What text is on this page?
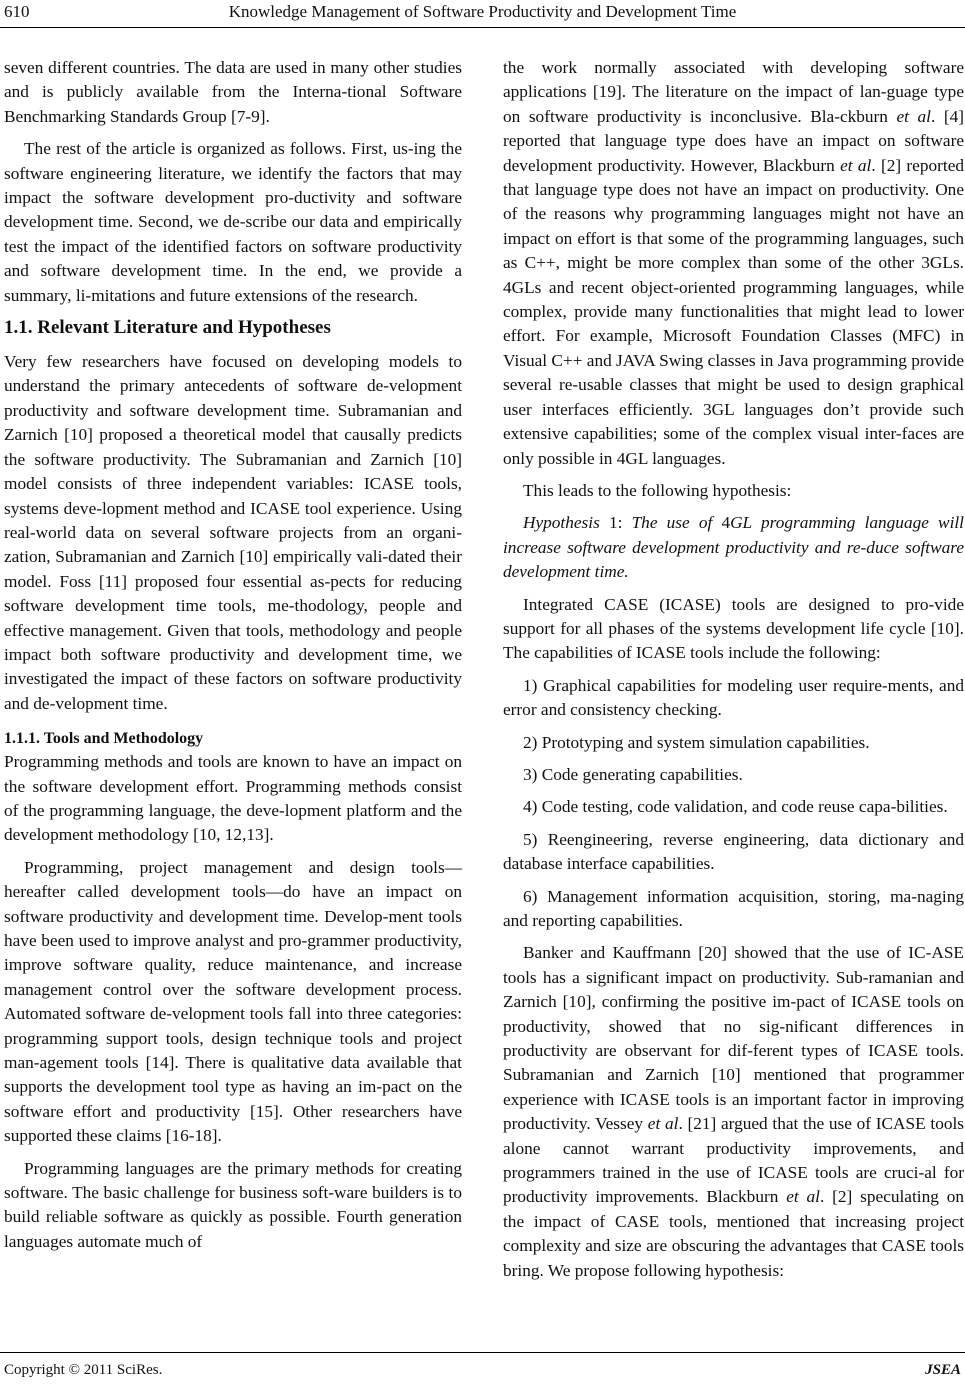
610	Knowledge Management of Software Productivity and Development Time

seven different countries. The data are used in many other studies and is publicly available from the Interna-tional Software Benchmarking Standards Group [7-9].

The rest of the article is organized as follows. First, us-ing the software engineering literature, we identify the factors that may impact the software development pro-ductivity and software development time. Second, we de-scribe our data and empirically test the impact of the identified factors on software productivity and software development time. In the end, we provide a summary, li-mitations and future extensions of the research.

1.1. Relevant Literature and Hypotheses

Very few researchers have focused on developing models to understand the primary antecedents of software de-velopment productivity and software development time. Subramanian and Zarnich [10] proposed a theoretical model that causally predicts the software productivity. The Subramanian and Zarnich [10] model consists of three independent variables: ICASE tools, systems deve-lopment method and ICASE tool experience. Using real-world data on several software projects from an organi-zation, Subramanian and Zarnich [10] empirically vali-dated their model. Foss [11] proposed four essential as-pects for reducing software development time tools, me-thodology, people and effective management. Given that tools, methodology and people impact both software productivity and development time, we investigated the impact of these factors on software productivity and de-velopment time.

1.1.1. Tools and Methodology

Programming methods and tools are known to have an impact on the software development effort. Programming methods consist of the programming language, the deve-lopment platform and the development methodology [10, 12,13].

Programming, project management and design tools—hereafter called development tools—do have an impact on software productivity and development time. Develop-ment tools have been used to improve analyst and pro-grammer productivity, improve software quality, reduce maintenance, and increase management control over the software development process. Automated software de-velopment tools fall into three categories: programming support tools, design technique tools and project man-agement tools [14]. There is qualitative data available that supports the development tool type as having an im-pact on the software effort and productivity [15]. Other researchers have supported these claims [16-18].

Programming languages are the primary methods for creating software. The basic challenge for business soft-ware builders is to build reliable software as quickly as possible. Fourth generation languages automate much of

the work normally associated with developing software applications [19]. The literature on the impact of lan-guage type on software productivity is inconclusive. Bla-ckburn et al. [4] reported that language type does have an impact on software development productivity. However, Blackburn et al. [2] reported that language type does not have an impact on productivity. One of the reasons why programming languages might not have an impact on effort is that some of the programming languages, such as C++, might be more complex than some of the other 3GLs. 4GLs and recent object-oriented programming languages, while complex, provide many functionalities that might lead to lower effort. For example, Microsoft Foundation Classes (MFC) in Visual C++ and JAVA Swing classes in Java programming provide several re-usable classes that might be used to design graphical user interfaces efficiently. 3GL languages don’t provide such extensive capabilities; some of the complex visual inter-faces are only possible in 4GL languages.

This leads to the following hypothesis:

Hypothesis 1: The use of 4GL programming language will increase software development productivity and re-duce software development time.

Integrated CASE (ICASE) tools are designed to pro-vide support for all phases of the systems development life cycle [10]. The capabilities of ICASE tools include the following:

1) Graphical capabilities for modeling user require-ments, and error and consistency checking.

2) Prototyping and system simulation capabilities.

3) Code generating capabilities.

4) Code testing, code validation, and code reuse capa-bilities.

5) Reengineering, reverse engineering, data dictionary and database interface capabilities.

6) Management information acquisition, storing, ma-naging and reporting capabilities.

Banker and Kauffmann [20] showed that the use of IC-ASE tools has a significant impact on productivity. Sub-ramanian and Zarnich [10], confirming the positive im-pact of ICASE tools on productivity, showed that no sig-nificant differences in productivity are observant for dif-ferent types of ICASE tools. Subramanian and Zarnich [10] mentioned that programmer experience with ICASE tools is an important factor in improving productivity. Vessey et al. [21] argued that the use of ICASE tools alone cannot warrant productivity improvements, and programmers trained in the use of ICASE tools are cruci-al for productivity improvements. Blackburn et al. [2] speculating on the impact of CASE tools, mentioned that increasing project complexity and size are obscuring the advantages that CASE tools bring. We propose following hypothesis:

Copyright © 2011 SciRes.	JSEA
